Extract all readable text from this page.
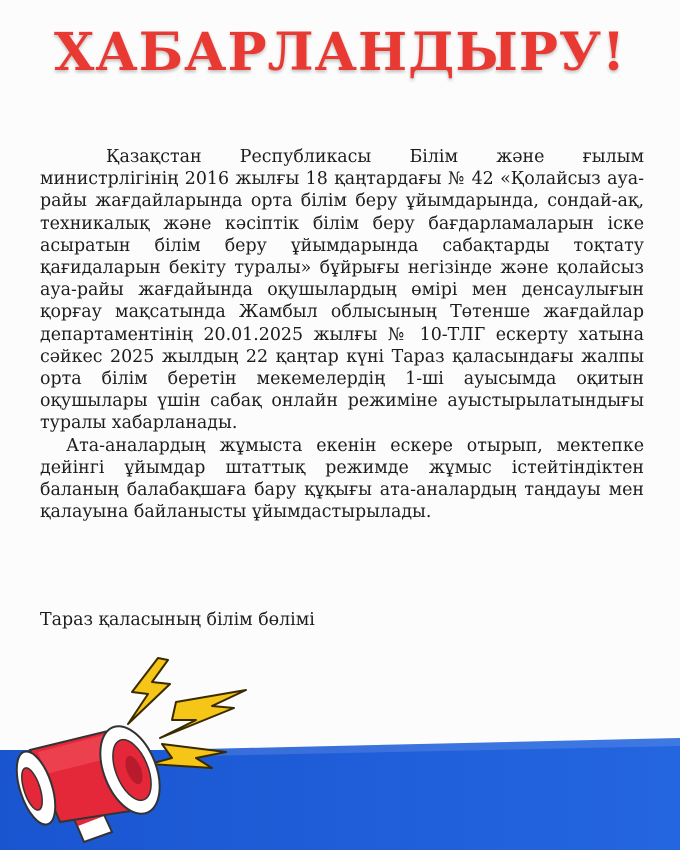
ХАБАРЛАНДЫРУ!

Қазақстан Республикасы Білім және ғылым министрлігінің 2016 жылғы 18 қаңтардағы № 42 «Қолайсыз ауа-райы жағдайларында орта білім беру ұйымдарында, сондай-ақ, техникалық және кәсіптік білім беру бағдарламаларын іске асыратын білім беру ұйымдарында сабақтарды тоқтату қағидаларын бекіту туралы» бұйрығы негізінде және қолайсыз ауа-райы жағдайында оқушылардың өмірі мен денсаулығын қорғау мақсатында Жамбыл облысының Төтенше жағдайлар департаментінің 20.01.2025 жылғы № 10-ТЛГ ескерту хатына сәйкес 2025 жылдың 22 қаңтар күні Тараз қаласындағы жалпы орта білім беретін мекемелердің 1-ші ауысымда оқитын оқушылары үшін сабақ онлайн режиміне ауыстырылатындығы туралы хабарланады.

Ата-аналардың жұмыста екенін ескере отырып, мектепке дейінгі ұйымдар штаттық режимде жұмыс істейтіндіктен баланың балабақшаға бару құқығы ата-аналардың таңдауы мен қалауына байланысты ұйымдастырылады.

Тараз қаласының білім бөлімі
